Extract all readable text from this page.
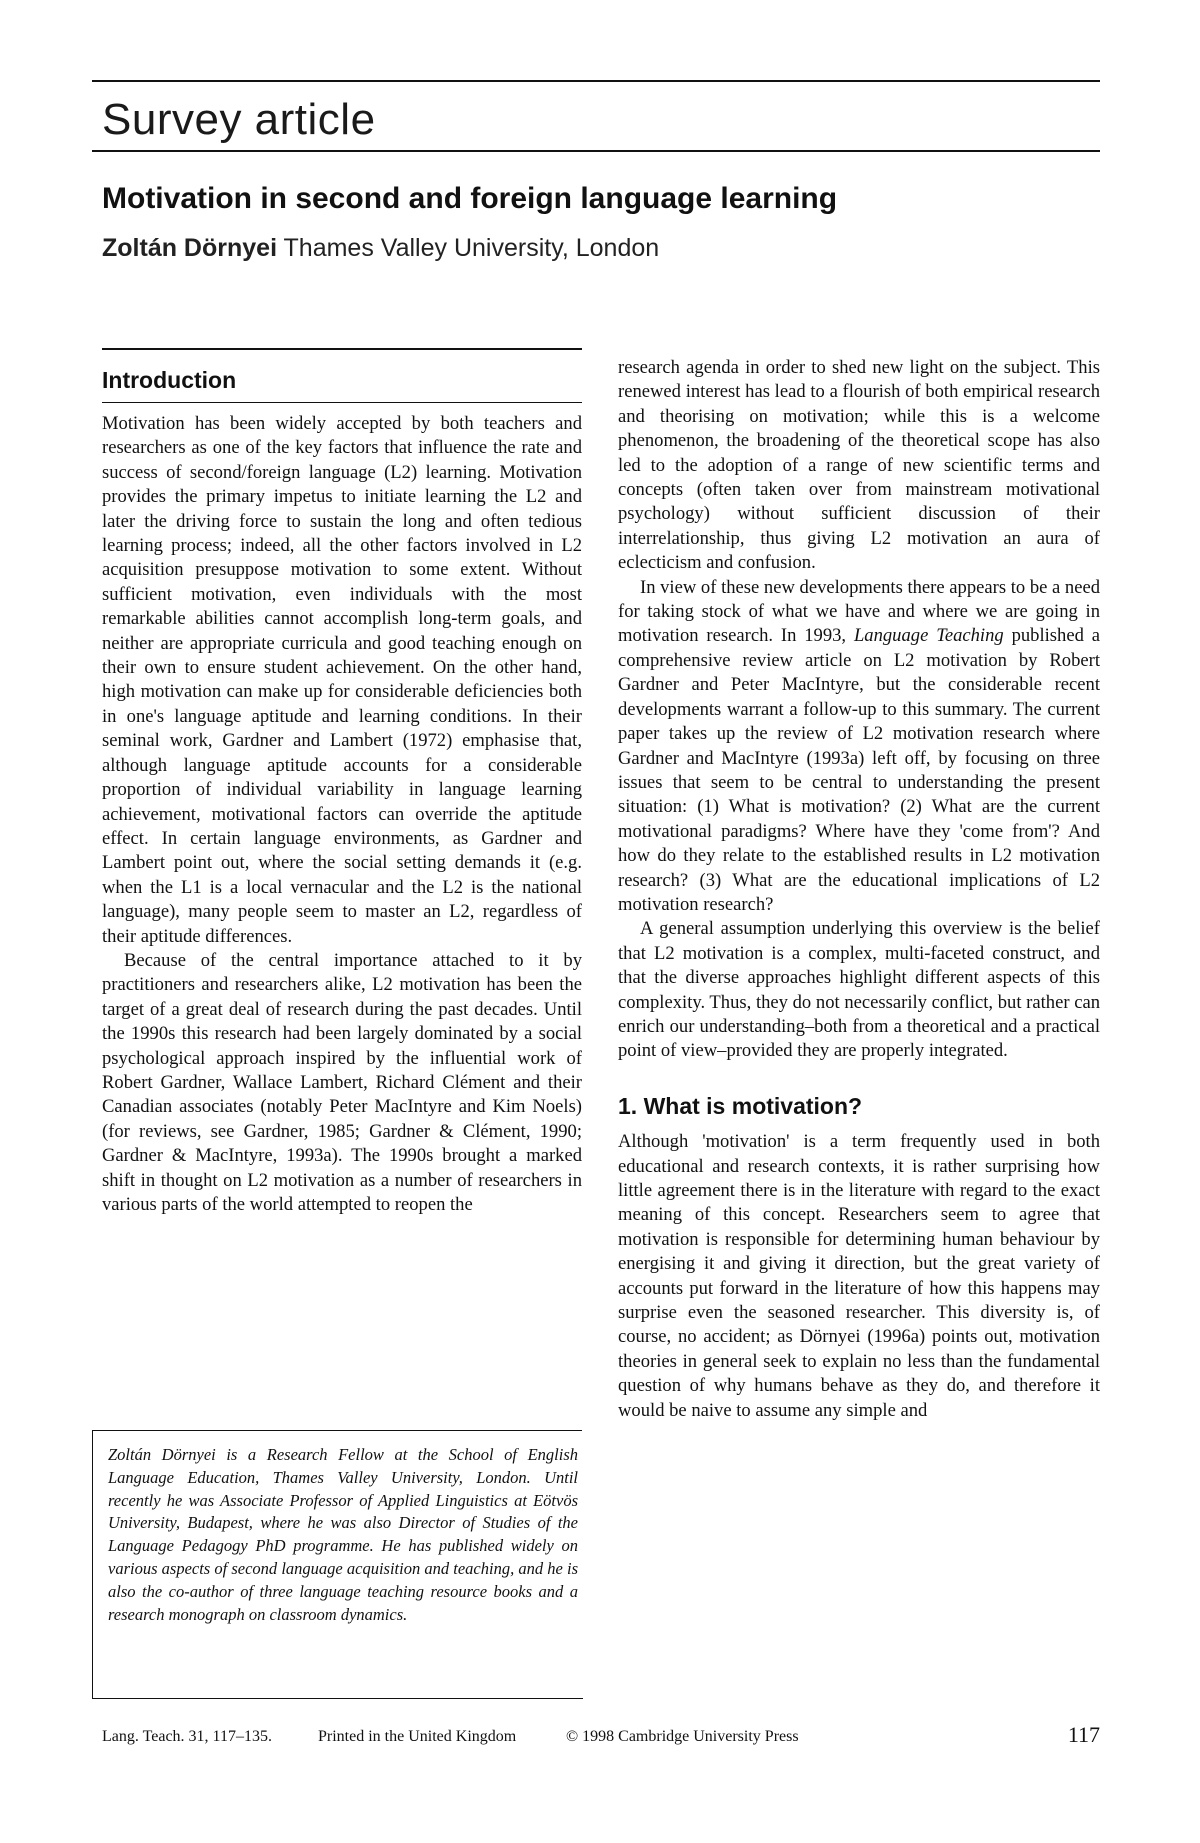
Survey article
Motivation in second and foreign language learning
Zoltán Dörnyei Thames Valley University, London
Introduction

Motivation has been widely accepted by both teachers and researchers as one of the key factors that influence the rate and success of second/foreign language (L2) learning. Motivation provides the primary impetus to initiate learning the L2 and later the driving force to sustain the long and often tedious learning process; indeed, all the other factors involved in L2 acquisition presuppose motivation to some extent. Without sufficient motivation, even individuals with the most remarkable abilities cannot accomplish long-term goals, and neither are appropriate curricula and good teaching enough on their own to ensure student achievement. On the other hand, high motivation can make up for considerable deficiencies both in one's language aptitude and learning conditions. In their seminal work, Gardner and Lambert (1972) emphasise that, although language aptitude accounts for a considerable proportion of individual variability in language learning achievement, motivational factors can override the aptitude effect. In certain language environments, as Gardner and Lambert point out, where the social setting demands it (e.g. when the L1 is a local vernacular and the L2 is the national language), many people seem to master an L2, regardless of their aptitude differences.

Because of the central importance attached to it by practitioners and researchers alike, L2 motivation has been the target of a great deal of research during the past decades. Until the 1990s this research had been largely dominated by a social psychological approach inspired by the influential work of Robert Gardner, Wallace Lambert, Richard Clément and their Canadian associates (notably Peter MacIntyre and Kim Noels) (for reviews, see Gardner, 1985; Gardner & Clément, 1990; Gardner & MacIntyre, 1993a). The 1990s brought a marked shift in thought on L2 motivation as a number of researchers in various parts of the world attempted to reopen the

Zoltán Dörnyei is a Research Fellow at the School of English Language Education, Thames Valley University, London. Until recently he was Associate Professor of Applied Linguistics at Eötvös University, Budapest, where he was also Director of Studies of the Language Pedagogy PhD programme. He has published widely on various aspects of second language acquisition and teaching, and he is also the co-author of three language teaching resource books and a research monograph on classroom dynamics.

research agenda in order to shed new light on the subject. This renewed interest has lead to a flourish of both empirical research and theorising on motivation; while this is a welcome phenomenon, the broadening of the theoretical scope has also led to the adoption of a range of new scientific terms and concepts (often taken over from mainstream motivational psychology) without sufficient discussion of their interrelationship, thus giving L2 motivation an aura of eclecticism and confusion.

In view of these new developments there appears to be a need for taking stock of what we have and where we are going in motivation research. In 1993, Language Teaching published a comprehensive review article on L2 motivation by Robert Gardner and Peter MacIntyre, but the considerable recent developments warrant a follow-up to this summary. The current paper takes up the review of L2 motivation research where Gardner and MacIntyre (1993a) left off, by focusing on three issues that seem to be central to understanding the present situation: (1) What is motivation? (2) What are the current motivational paradigms? Where have they 'come from'? And how do they relate to the established results in L2 motivation research? (3) What are the educational implications of L2 motivation research?

A general assumption underlying this overview is the belief that L2 motivation is a complex, multi-faceted construct, and that the diverse approaches highlight different aspects of this complexity. Thus, they do not necessarily conflict, but rather can enrich our understanding–both from a theoretical and a practical point of view–provided they are properly integrated.

1. What is motivation?

Although 'motivation' is a term frequently used in both educational and research contexts, it is rather surprising how little agreement there is in the literature with regard to the exact meaning of this concept. Researchers seem to agree that motivation is responsible for determining human behaviour by energising it and giving it direction, but the great variety of accounts put forward in the literature of how this happens may surprise even the seasoned researcher. This diversity is, of course, no accident; as Dörnyei (1996a) points out, motivation theories in general seek to explain no less than the fundamental question of why humans behave as they do, and therefore it would be naive to assume any simple and

Lang. Teach. 31, 117–135.	Printed in the United Kingdom	© 1998 Cambridge University Press	117
